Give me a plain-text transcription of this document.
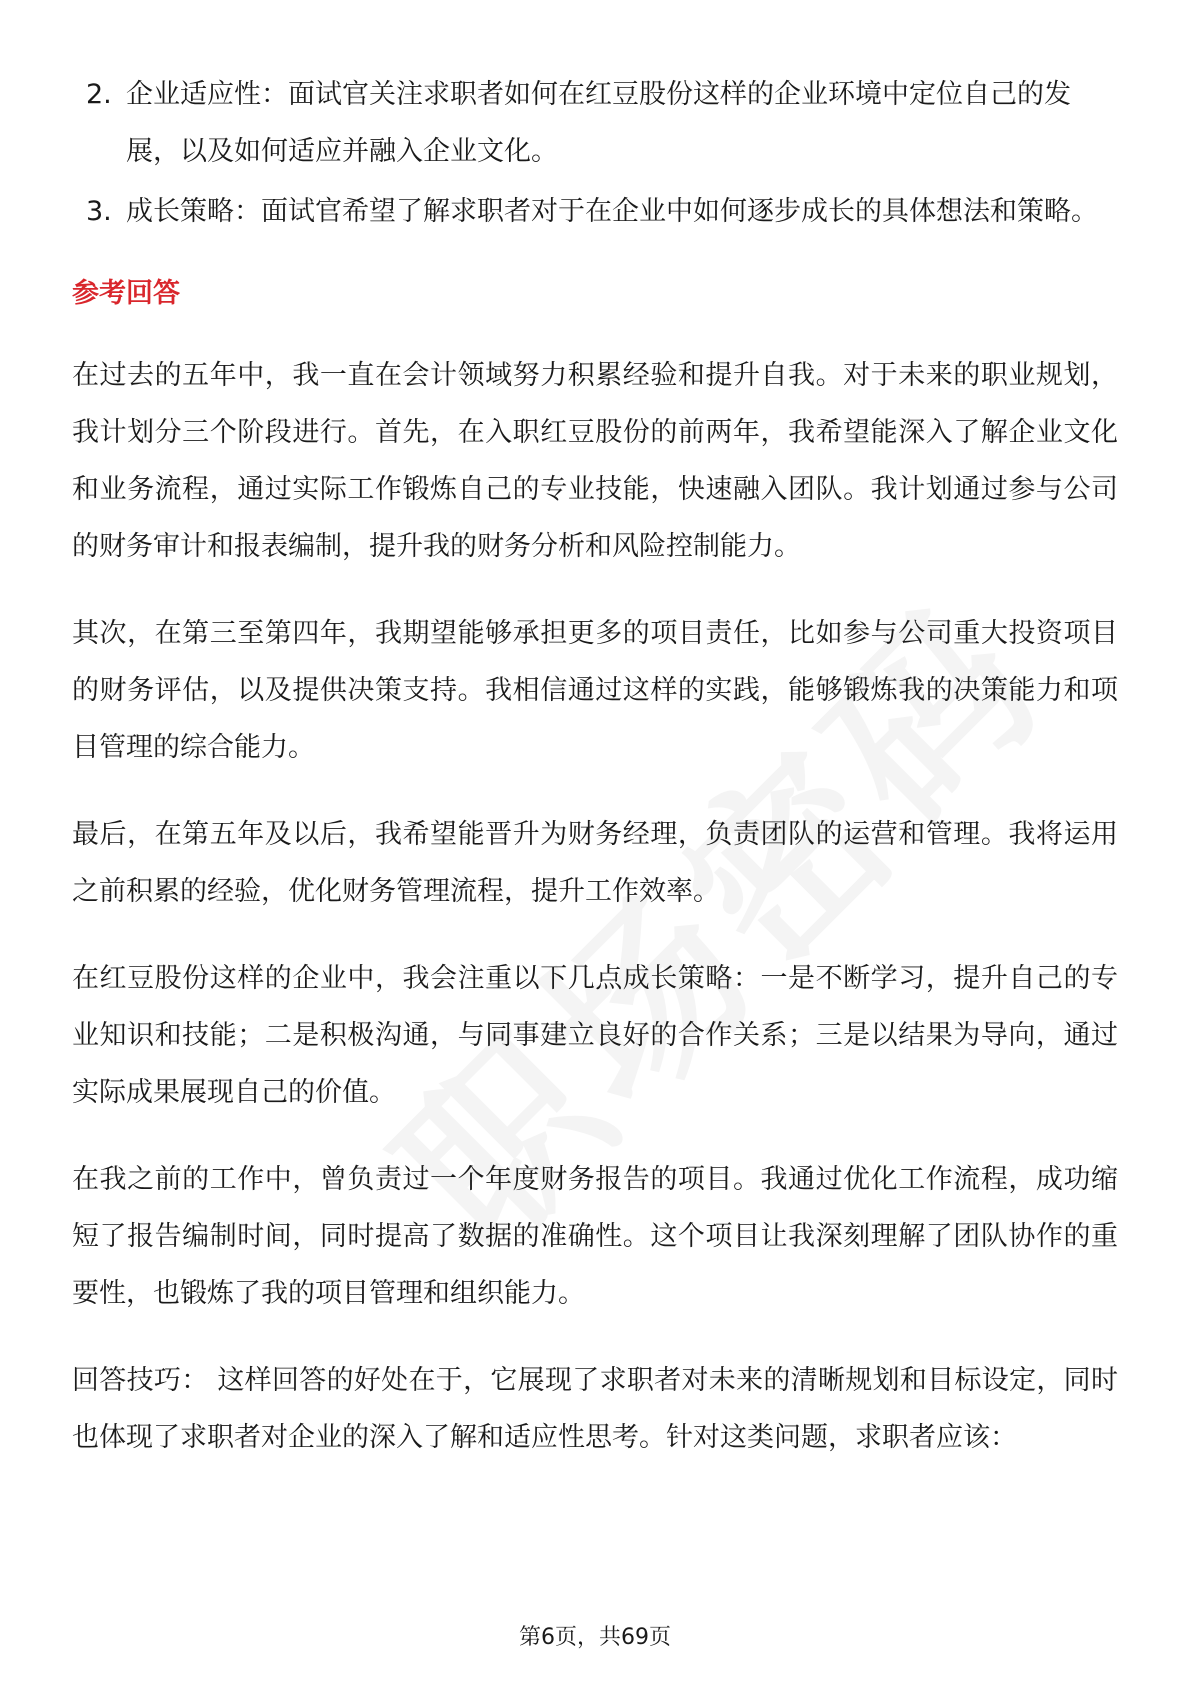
2. 企业适应性：面试官关注求职者如何在红豆股份这样的企业环境中定位自己的发展，以及如何适应并融入企业文化。
3. 成长策略：面试官希望了解求职者对于在企业中如何逐步成长的具体想法和策略。
参考回答

在过去的五年中，我一直在会计领域努力积累经验和提升自我。对于未来的职业规划，我计划分三个阶段进行。首先，在入职红豆股份的前两年，我希望能深入了解企业文化和业务流程，通过实际工作锻炼自己的专业技能，快速融入团队。我计划通过参与公司的财务审计和报表编制，提升我的财务分析和风险控制能力。

其次，在第三至第四年，我期望能够承担更多的项目责任，比如参与公司重大投资项目的财务评估，以及提供决策支持。我相信通过这样的实践，能够锻炼我的决策能力和项目管理的综合能力。

最后，在第五年及以后，我希望能晋升为财务经理，负责团队的运营和管理。我将运用之前积累的经验，优化财务管理流程，提升工作效率。

在红豆股份这样的企业中，我会注重以下几点成长策略：一是不断学习，提升自己的专业知识和技能；二是积极沟通，与同事建立良好的合作关系；三是以结果为导向，通过实际成果展现自己的价值。

在我之前的工作中，曾负责过一个年度财务报告的项目。我通过优化工作流程，成功缩短了报告编制时间，同时提高了数据的准确性。这个项目让我深刻理解了团队协作的重要性，也锻炼了我的项目管理和组织能力。

回答技巧： 这样回答的好处在于，它展现了求职者对未来的清晰规划和目标设定，同时也体现了求职者对企业的深入了解和适应性思考。针对这类问题，求职者应该：

第6页，共69页
